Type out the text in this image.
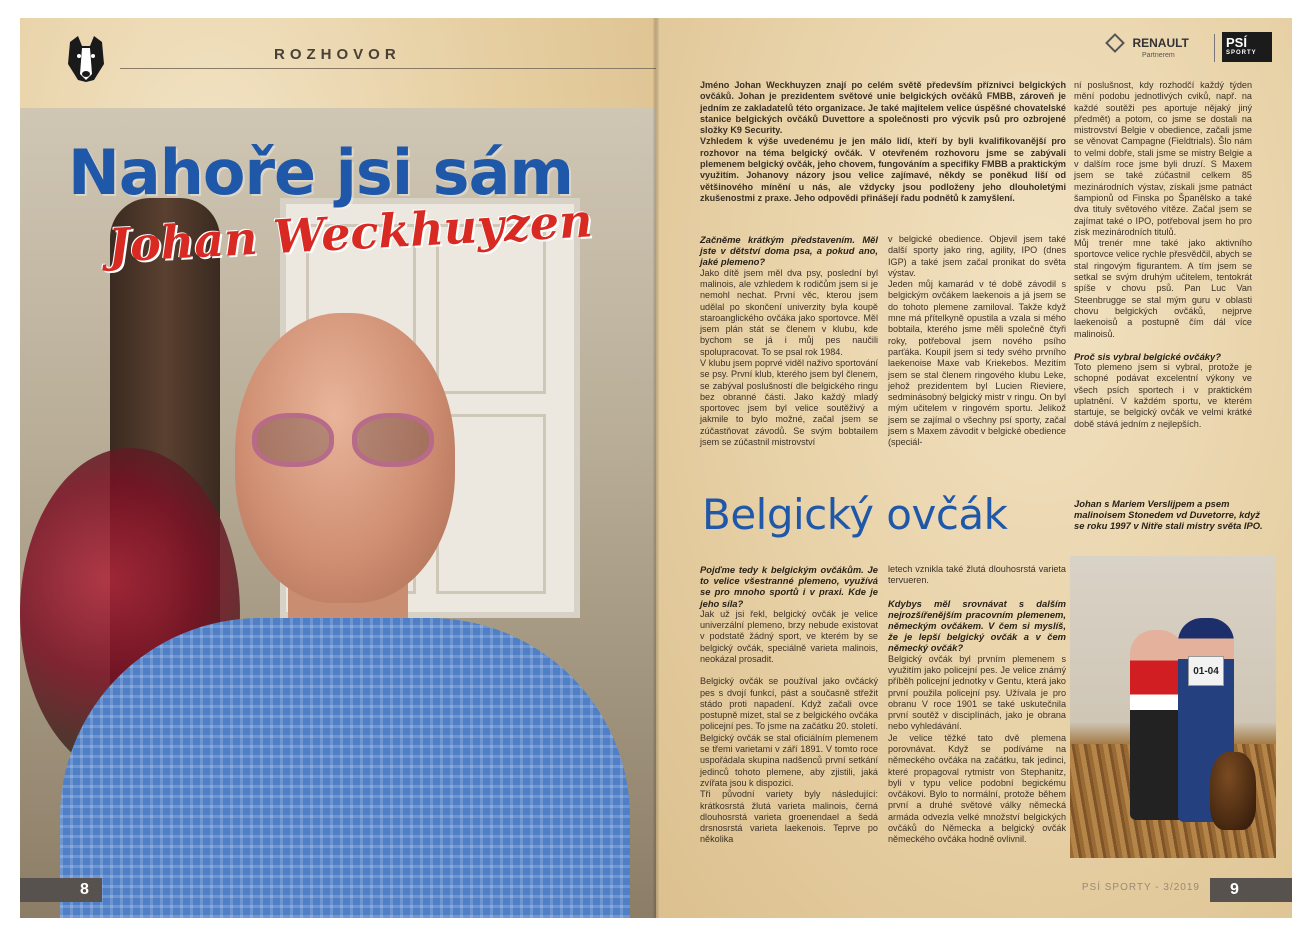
ROZHOVOR
Nahoře jsi sám
Johan Weckhuyzen
8
RENAULT
Partnerem
PSÍ
SPORTY

Jméno Johan Weckhuyzen znají po celém světě především příznivci belgických ovčáků. Johan je prezidentem světové unie belgických ovčáků FMBB, zároveň je jedním ze zakladatelů této organizace. Je také majitelem velice úspěšné chovatelské stanice belgických ovčáků Duvettore a společnosti pro výcvik psů pro ozbrojené složky K9 Security.

Vzhledem k výše uvedenému je jen málo lidí, kteří by byli kvalifikovanější pro rozhovor na téma belgický ovčák. V otevřeném rozhovoru jsme se zabývali plemenem belgický ovčák, jeho chovem, fungováním a specifiky FMBB a praktickým využitím. Johanovy názory jsou velice zajímavé, někdy se poněkud liší od většinového mínění u nás, ale vždycky jsou podloženy jeho dlouholetými zkušenostmi z praxe. Jeho odpovědi přinášejí řadu podnětů k zamyšlení.

Začněme krátkým představením. Měl jste v dětství doma psa, a pokud ano, jaké plemeno?

Jako dítě jsem měl dva psy, poslední byl malinois, ale vzhledem k rodičům jsem si je nemohl nechat. První věc, kterou jsem udělal po skončení univerzity byla koupě staroanglického ovčáka jako sportovce. Měl jsem plán stát se členem v klubu, kde bychom se já i můj pes naučili spolupracovat. To se psal rok 1984.

V klubu jsem poprvé viděl naživo sportování se psy. První klub, kterého jsem byl členem, se zabýval poslušností dle belgického ringu bez obranné části. Jako každý mladý sportovec jsem byl velice soutěživý a jakmile to bylo možné, začal jsem se zúčastňovat závodů. Se svým bobtailem jsem se zúčastnil mistrovství

v belgické obedience. Objevil jsem také další sporty jako ring, agility, IPO (dnes IGP) a také jsem začal pronikat do světa výstav.

Jeden můj kamarád v té době závodil s belgickým ovčákem laekenois a já jsem se do tohoto plemene zamiloval. Takže když mne má přítelkyně opustila a vzala si mého bobtaila, kterého jsme měli společně čtyři roky, potřeboval jsem nového psího parťáka. Koupil jsem si tedy svého prvního laekenoise Maxe vab Kriekebos. Mezitím jsem se stal členem ringového klubu Leke, jehož prezidentem byl Lucien Rieviere, sedminásobný belgický mistr v ringu. On byl mým učitelem v ringovém sportu. Jelikož jsem se zajímal o všechny psí sporty, začal jsem s Maxem závodit v belgické obedience (speciál-

ní poslušnost, kdy rozhodčí každý týden mění podobu jednotlivých cviků, např. na každé soutěži pes aportuje nějaký jiný předmět) a potom, co jsme se dostali na mistrovství Belgie v obedience, začali jsme se věnovat Campagne (Fieldtrials). Šlo nám to velmi dobře, stali jsme se mistry Belgie a v dalším roce jsme byli druzí. S Maxem jsem se také zúčastnil celkem 85 mezinárodních výstav, získali jsme patnáct šampionů od Finska po Španělsko a také dva tituly světového vítěze. Začal jsem se zajímat také o IPO, potřeboval jsem ho pro zisk mezinárodních titulů.

Můj trenér mne také jako aktivního sportovce velice rychle přesvědčil, abych se stal ringovým figurantem. A tím jsem se setkal se svým druhým učitelem, tentokrát spíše v chovu psů. Pan Luc Van Steenbrugge se stal mým guru v oblasti chovu belgických ovčáků, nejprve laekenoisů a postupně čím dál více malinoisů.

Proč sis vybral belgické ovčáky?

Toto plemeno jsem si vybral, protože je schopné podávat excelentní výkony ve všech psích sportech i v praktickém uplatnění. V každém sportu, ve kterém startuje, se belgický ovčák ve velmi krátké době stává jedním z nejlepších.

Belgický ovčák

Pojďme tedy k belgickým ovčákům. Je to velice všestranné plemeno, využívá se pro mnoho sportů i v praxi. Kde je jeho síla?

Jak už jsi řekl, belgický ovčák je velice univerzální plemeno, brzy nebude existovat v podstatě žádný sport, ve kterém by se belgický ovčák, speciálně varieta malinois, neokázal prosadit.

Belgický ovčák se používal jako ovčácký pes s dvojí funkcí, pást a současně střežit stádo proti napadení. Když začali ovce postupně mizet, stal se z belgického ovčáka policejní pes. To jsme na začátku 20. století. Belgický ovčák se stal oficiálním plemenem se třemi varietami v září 1891. V tomto roce uspořádala skupina nadšenců první setkání jedinců tohoto plemene, aby zjistili, jaká zvířata jsou k dispozici.

Tři původní variety byly následující: krátkosrstá žlutá varieta malinois, černá dlouhosrstá varieta groenendael a šedá drsnosrstá varieta laekenois. Teprve po několika

letech vznikla také žlutá dlouhosrstá varieta tervueren.

Kdybys měl srovnávat s dalším nejrozšířenějším pracovním plemenem, německým ovčákem. V čem si myslíš, že je lepší belgický ovčák a v čem německý ovčák?

Belgický ovčák byl prvním plemenem s využitím jako policejní pes. Je velice známý příběh policejní jednotky v Gentu, která jako první použila policejní psy. Užívala je pro obranu V roce 1901 se také uskutečnila první soutěž v disciplínách, jako je obrana nebo vyhledávání.

Je velice těžké tato dvě plemena porovnávat. Když se podíváme na německého ovčáka na začátku, tak jedinci, které propagoval rytmistr von Stephanitz, byli v typu velice podobní begickému ovčákovi. Bylo to normální, protože během první a druhé světové války německá armáda odvezla velké množství belgických ovčáků do Německa a belgický ovčák německého ovčáka hodně ovlivnil.

Johan s Mariem Verslijpem a psem malinoisem Stonedem vd Duvetorre, když se roku 1997 v Nitře stali mistry světa IPO.
01-04
PSÍ SPORTY - 3/2019	9
